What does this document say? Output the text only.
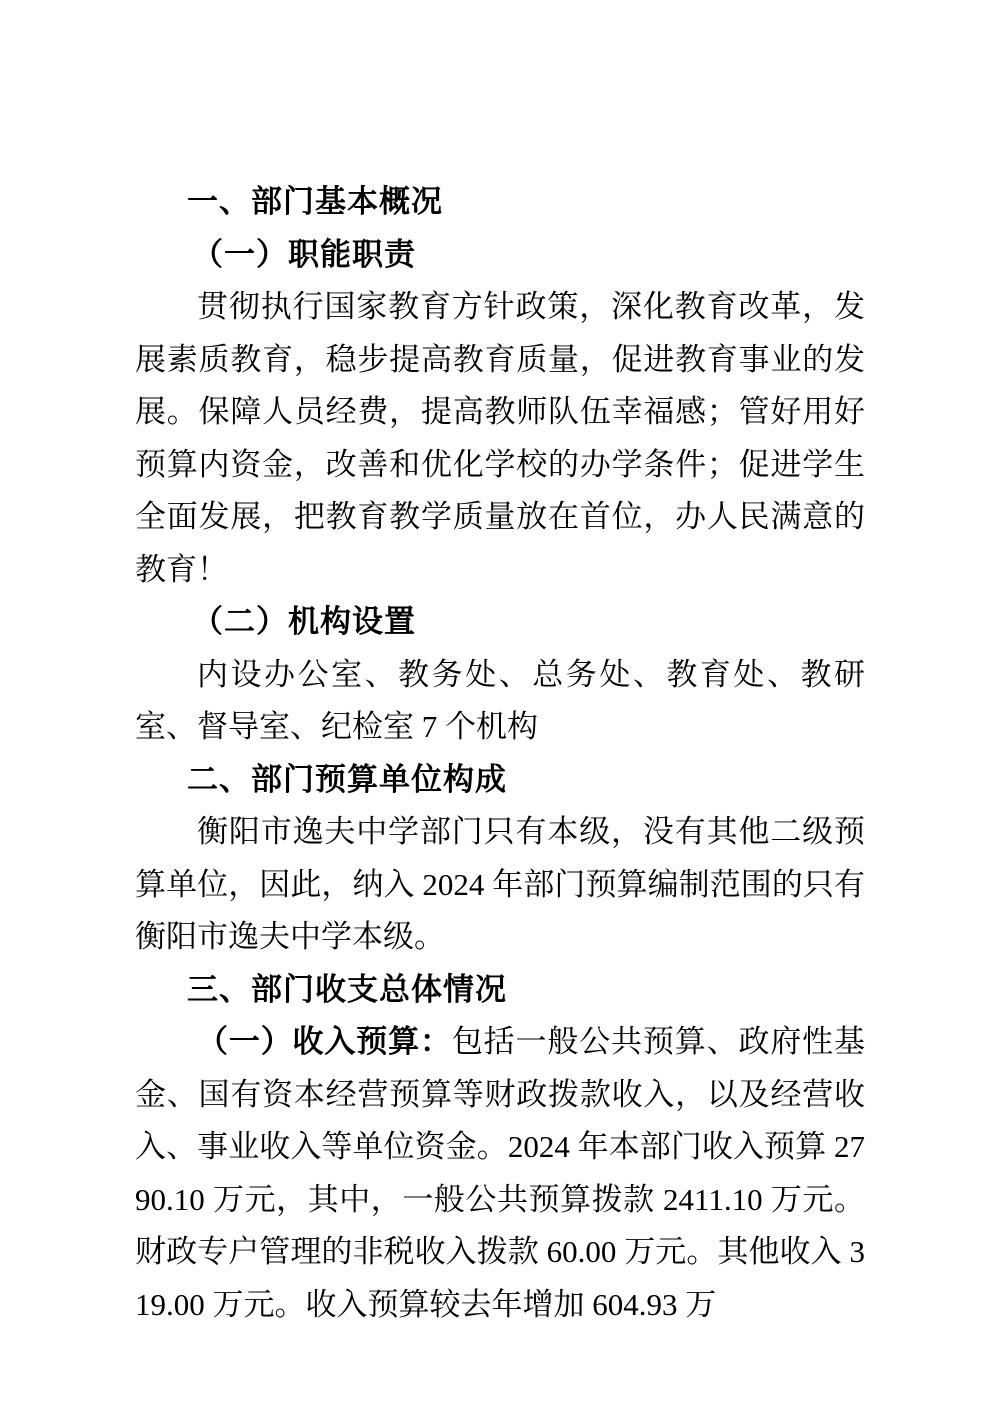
一、部门基本概况
（一）职能职责

贯彻执行国家教育方针政策，深化教育改革，发展素质教育，稳步提高教育质量，促进教育事业的发展。保障人员经费，提高教师队伍幸福感；管好用好预算内资金，改善和优化学校的办学条件；促进学生全面发展，把教育教学质量放在首位，办人民满意的教育！

（二）机构设置

内设办公室、教务处、总务处、教育处、教研室、督导室、纪检室 7 个机构

二、部门预算单位构成

衡阳市逸夫中学部门只有本级，没有其他二级预算单位，因此，纳入 2024 年部门预算编制范围的只有衡阳市逸夫中学本级。

三、部门收支总体情况

（一）收入预算：包括一般公共预算、政府性基金、国有资本经营预算等财政拨款收入，以及经营收入、事业收入等单位资金。2024 年本部门收入预算 2790.10 万元，其中，一般公共预算拨款 2411.10 万元。财政专户管理的非税收入拨款 60.00 万元。其他收入 319.00 万元。收入预算较去年增加 604.93 万
